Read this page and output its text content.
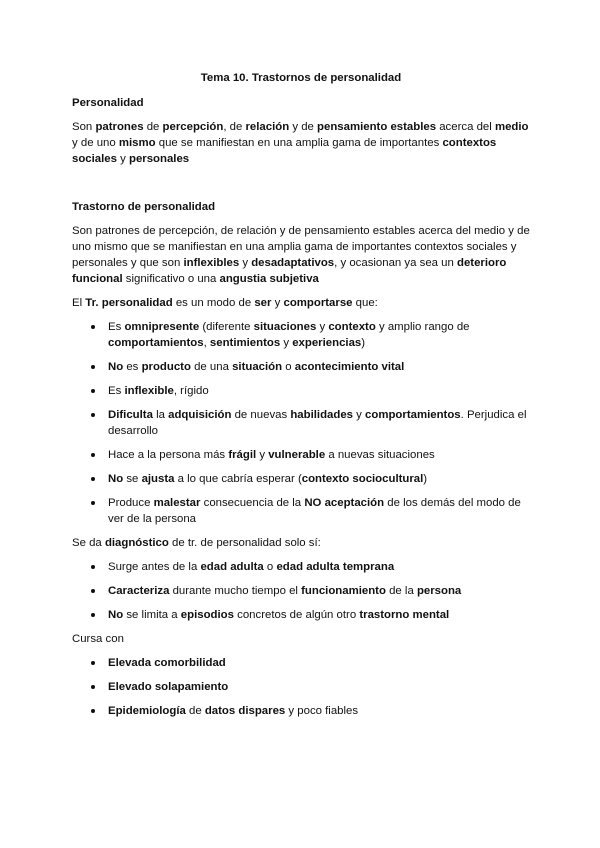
Tema 10. Trastornos de personalidad
Personalidad
Son patrones de percepción, de relación y de pensamiento estables acerca del medio y de uno mismo que se manifiestan en una amplia gama de importantes contextos sociales y personales
Trastorno de personalidad
Son patrones de percepción, de relación y de pensamiento estables acerca del medio y de uno mismo que se manifiestan en una amplia gama de importantes contextos sociales y personales y que son inflexibles y desadaptativos, y ocasionan ya sea un deterioro funcional significativo o una angustia subjetiva
El Tr. personalidad es un modo de ser y comportarse que:
Es omnipresente (diferente situaciones y contexto y amplio rango de comportamientos, sentimientos y experiencias)
No es producto de una situación o acontecimiento vital
Es inflexible, rígido
Dificulta la adquisición de nuevas habilidades y comportamientos. Perjudica el desarrollo
Hace a la persona más frágil y vulnerable a nuevas situaciones
No se ajusta a lo que cabría esperar (contexto sociocultural)
Produce malestar consecuencia de la NO aceptación de los demás del modo de ver de la persona
Se da diagnóstico de tr. de personalidad solo sí:
Surge antes de la edad adulta o edad adulta temprana
Caracteriza durante mucho tiempo el funcionamiento de la persona
No se limita a episodios concretos de algún otro trastorno mental
Cursa con
Elevada comorbilidad
Elevado solapamiento
Epidemiología de datos dispares y poco fiables
